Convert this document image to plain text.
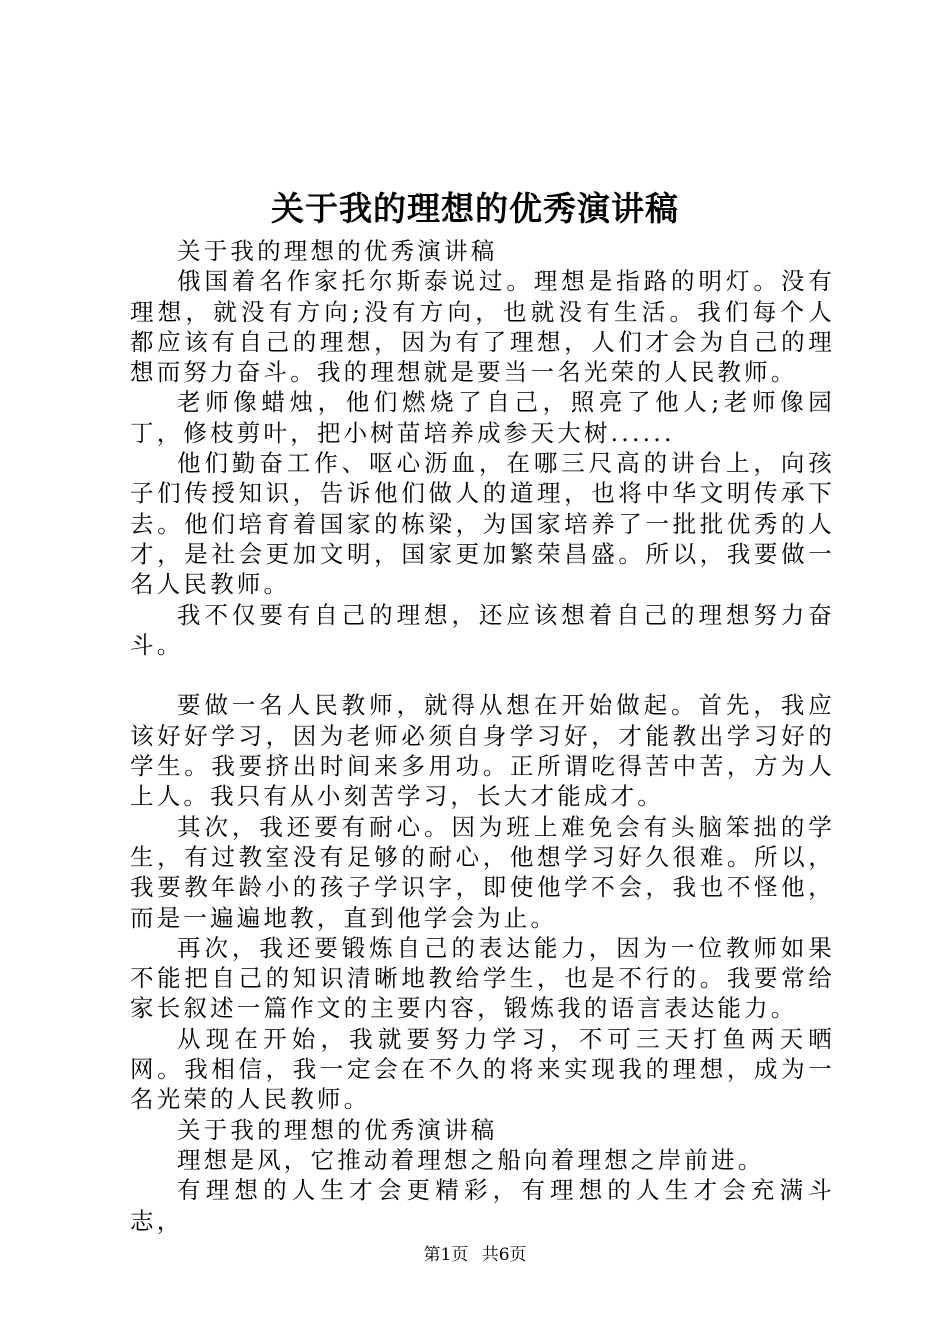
关于我的理想的优秀演讲稿

关于我的理想的优秀演讲稿

俄国着名作家托尔斯泰说过。理想是指路的明灯。没有理想，就没有方向;没有方向，也就没有生活。我们每个人都应该有自己的理想，因为有了理想，人们才会为自己的理想而努力奋斗。我的理想就是要当一名光荣的人民教师。

老师像蜡烛，他们燃烧了自己，照亮了他人;老师像园丁，修枝剪叶，把小树苗培养成参天大树......

他们勤奋工作、呕心沥血，在哪三尺高的讲台上，向孩子们传授知识，告诉他们做人的道理，也将中华文明传承下去。他们培育着国家的栋梁，为国家培养了一批批优秀的人才，是社会更加文明，国家更加繁荣昌盛。所以，我要做一名人民教师。

我不仅要有自己的理想，还应该想着自己的理想努力奋斗。

要做一名人民教师，就得从想在开始做起。首先，我应该好好学习，因为老师必须自身学习好，才能教出学习好的学生。我要挤出时间来多用功。正所谓吃得苦中苦，方为人上人。我只有从小刻苦学习，长大才能成才。

其次，我还要有耐心。因为班上难免会有头脑笨拙的学生，有过教室没有足够的耐心，他想学习好久很难。所以，我要教年龄小的孩子学识字，即使他学不会，我也不怪他，而是一遍遍地教，直到他学会为止。

再次，我还要锻炼自己的表达能力，因为一位教师如果不能把自己的知识清晰地教给学生，也是不行的。我要常给家长叙述一篇作文的主要内容，锻炼我的语言表达能力。

从现在开始，我就要努力学习，不可三天打鱼两天晒网。我相信，我一定会在不久的将来实现我的理想，成为一名光荣的人民教师。

关于我的理想的优秀演讲稿

理想是风，它推动着理想之船向着理想之岸前进。

有理想的人生才会更精彩，有理想的人生才会充满斗志，

第1页 共6页
